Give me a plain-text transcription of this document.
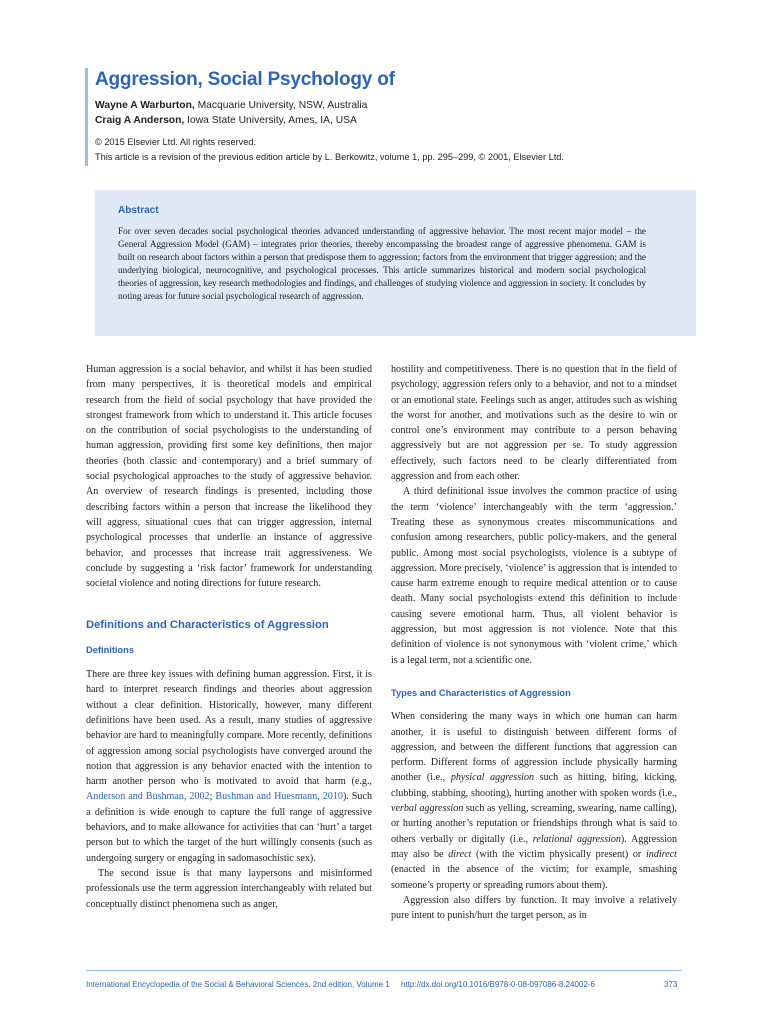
Aggression, Social Psychology of
Wayne A Warburton, Macquarie University, NSW, Australia
Craig A Anderson, Iowa State University, Ames, IA, USA
© 2015 Elsevier Ltd. All rights reserved.
This article is a revision of the previous edition article by L. Berkowitz, volume 1, pp. 295–299, © 2001, Elsevier Ltd.
Abstract
For over seven decades social psychological theories advanced understanding of aggressive behavior. The most recent major model – the General Aggression Model (GAM) – integrates prior theories, thereby encompassing the broadest range of aggressive phenomena. GAM is built on research about factors within a person that predispose them to aggression; factors from the environment that trigger aggression; and the underlying biological, neurocognitive, and psychological processes. This article summarizes historical and modern social psychological theories of aggression, key research methodologies and findings, and challenges of studying violence and aggression in society. It concludes by noting areas for future social psychological research of aggression.

Human aggression is a social behavior, and whilst it has been studied from many perspectives, it is theoretical models and empirical research from the field of social psychology that have provided the strongest framework from which to understand it. This article focuses on the contribution of social psychologists to the understanding of human aggression, providing first some key definitions, then major theories (both classic and contemporary) and a brief summary of social psychological approaches to the study of aggressive behavior. An overview of research findings is presented, including those describing factors within a person that increase the likelihood they will aggress, situational cues that can trigger aggression, internal psychological processes that underlie an instance of aggressive behavior, and processes that increase trait aggressiveness. We conclude by suggesting a ‘risk factor’ framework for understanding societal violence and noting directions for future research.

Definitions and Characteristics of Aggression
Definitions

There are three key issues with defining human aggression. First, it is hard to interpret research findings and theories about aggression without a clear definition. Historically, however, many different definitions have been used. As a result, many studies of aggressive behavior are hard to meaningfully compare. More recently, definitions of aggression among social psychologists have converged around the notion that aggression is any behavior enacted with the intention to harm another person who is motivated to avoid that harm (e.g., Anderson and Bushman, 2002; Bushman and Huesmann, 2010). Such a definition is wide enough to capture the full range of aggressive behaviors, and to make allowance for activities that can ‘hurt’ a target person but to which the target of the hurt willingly consents (such as undergoing surgery or engaging in sadomasochistic sex).

The second issue is that many laypersons and misinformed professionals use the term aggression interchangeably with related but conceptually distinct phenomena such as anger,

hostility and competitiveness. There is no question that in the field of psychology, aggression refers only to a behavior, and not to a mindset or an emotional state. Feelings such as anger, attitudes such as wishing the worst for another, and motivations such as the desire to win or control one’s environment may contribute to a person behaving aggressively but are not aggression per se. To study aggression effectively, such factors need to be clearly differentiated from aggression and from each other.

A third definitional issue involves the common practice of using the term ‘violence’ interchangeably with the term ‘aggression.’ Treating these as synonymous creates miscommunications and confusion among researchers, public policy-makers, and the general public. Among most social psychologists, violence is a subtype of aggression. More precisely, ‘violence’ is aggression that is intended to cause harm extreme enough to require medical attention or to cause death. Many social psychologists extend this definition to include causing severe emotional harm. Thus, all violent behavior is aggression, but most aggression is not violence. Note that this definition of violence is not synonymous with ‘violent crime,’ which is a legal term, not a scientific one.

Types and Characteristics of Aggression

When considering the many ways in which one human can harm another, it is useful to distinguish between different forms of aggression, and between the different functions that aggression can perform. Different forms of aggression include physically harming another (i.e., physical aggression such as hitting, biting, kicking, clubbing, stabbing, shooting), hurting another with spoken words (i.e., verbal aggression such as yelling, screaming, swearing, name calling), or hurting another’s reputation or friendships through what is said to others verbally or digitally (i.e., relational aggression). Aggression may also be direct (with the victim physically present) or indirect (enacted in the absence of the victim; for example, smashing someone’s property or spreading rumors about them).

Aggression also differs by function. It may involve a relatively pure intent to punish/hurt the target person, as in

International Encyclopedia of the Social & Behavioral Sciences, 2nd edition, Volume 1 http://dx.doi.org/10.1016/B978-0-08-097086-8.24002-6	373
